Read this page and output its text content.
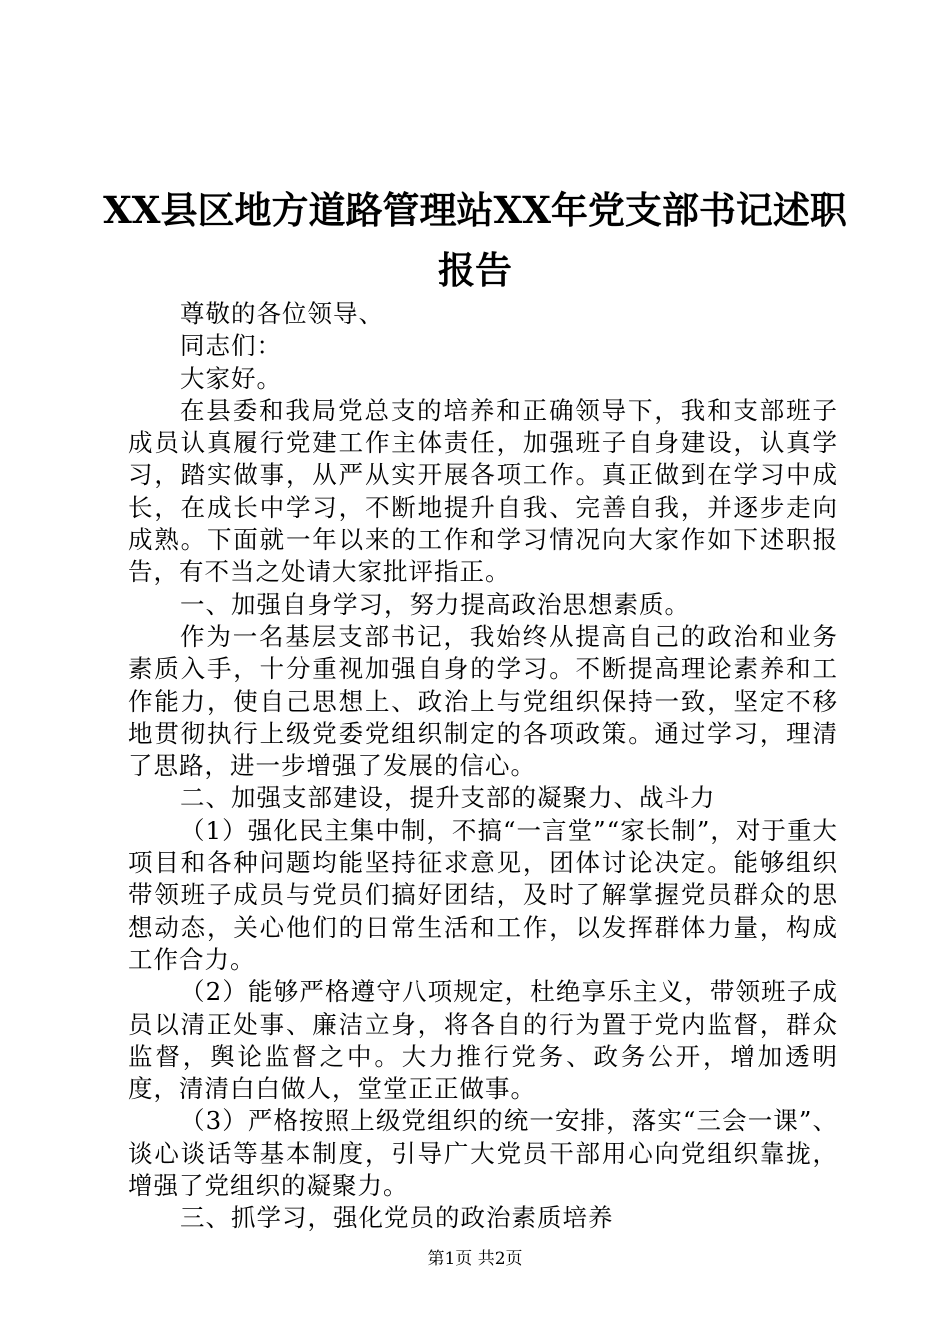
XX县区地方道路管理站XX年党支部书记述职
报告

尊敬的各位领导、

同志们：

大家好。

在县委和我局党总支的培养和正确领导下，我和支部班子成员认真履行党建工作主体责任，加强班子自身建设，认真学习，踏实做事，从严从实开展各项工作。真正做到在学习中成长，在成长中学习，不断地提升自我、完善自我，并逐步走向成熟。下面就一年以来的工作和学习情况向大家作如下述职报告，有不当之处请大家批评指正。

一、加强自身学习，努力提高政治思想素质。

作为一名基层支部书记，我始终从提高自己的政治和业务素质入手，十分重视加强自身的学习。不断提高理论素养和工作能力，使自己思想上、政治上与党组织保持一致，坚定不移地贯彻执行上级党委党组织制定的各项政策。通过学习，理清了思路，进一步增强了发展的信心。

二、加强支部建设，提升支部的凝聚力、战斗力

（1）强化民主集中制，不搞“一言堂”“家长制”，对于重大项目和各种问题均能坚持征求意见，团体讨论决定。能够组织带领班子成员与党员们搞好团结，及时了解掌握党员群众的思想动态，关心他们的日常生活和工作，以发挥群体力量，构成工作合力。

（2）能够严格遵守八项规定，杜绝享乐主义，带领班子成员以清正处事、廉洁立身，将各自的行为置于党内监督，群众监督，舆论监督之中。大力推行党务、政务公开，增加透明度，清清白白做人，堂堂正正做事。

（3）严格按照上级党组织的统一安排，落实“三会一课”、谈心谈话等基本制度，引导广大党员干部用心向党组织靠拢，增强了党组织的凝聚力。

三、抓学习，强化党员的政治素质培养

第1页 共2页
